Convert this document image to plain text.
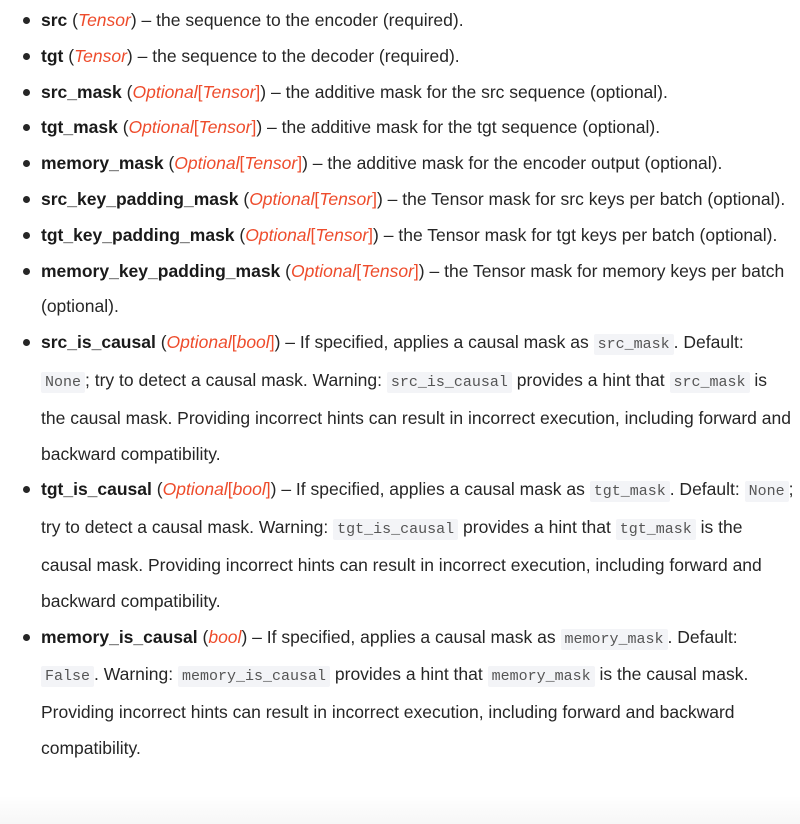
src (Tensor) – the sequence to the encoder (required).
tgt (Tensor) – the sequence to the decoder (required).
src_mask (Optional[Tensor]) – the additive mask for the src sequence (optional).
tgt_mask (Optional[Tensor]) – the additive mask for the tgt sequence (optional).
memory_mask (Optional[Tensor]) – the additive mask for the encoder output (optional).
src_key_padding_mask (Optional[Tensor]) – the Tensor mask for src keys per batch (optional).
tgt_key_padding_mask (Optional[Tensor]) – the Tensor mask for tgt keys per batch (optional).
memory_key_padding_mask (Optional[Tensor]) – the Tensor mask for memory keys per batch (optional).
src_is_causal (Optional[bool]) – If specified, applies a causal mask as src_mask . Default: None ; try to detect a causal mask. Warning: src_is_causal provides a hint that src_mask is the causal mask. Providing incorrect hints can result in incorrect execution, including forward and backward compatibility.
tgt_is_causal (Optional[bool]) – If specified, applies a causal mask as tgt_mask . Default: None ; try to detect a causal mask. Warning: tgt_is_causal provides a hint that tgt_mask is the causal mask. Providing incorrect hints can result in incorrect execution, including forward and backward compatibility.
memory_is_causal (bool) – If specified, applies a causal mask as memory_mask . Default: False . Warning: memory_is_causal provides a hint that memory_mask is the causal mask. Providing incorrect hints can result in incorrect execution, including forward and backward compatibility.
